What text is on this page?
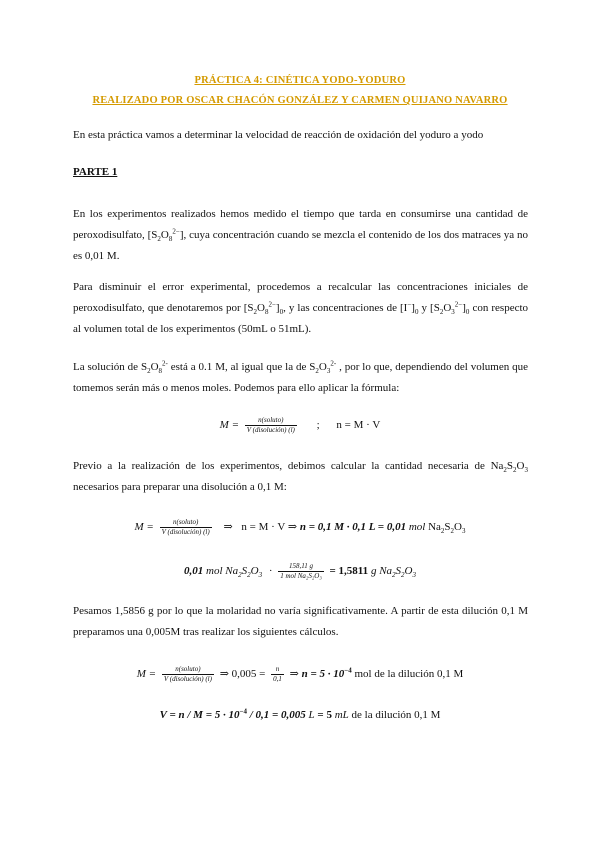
PRÁCTICA 4: CINÉTICA YODO-YODURO
REALIZADO POR OSCAR CHACÓN GONZÁLEZ Y CARMEN QUIJANO NAVARRO
En esta práctica vamos a determinar la velocidad de reacción de oxidación del yoduro a yodo
PARTE 1
En los experimentos realizados hemos medido el tiempo que tarda en consumirse una cantidad de peroxodisulfato, $[S_2O_8^{2-}]$, cuya concentración cuando se mezcla el contenido de los dos matraces ya no es 0,01 M.
Para disminuir el error experimental, procedemos a recalcular las concentraciones iniciales de peroxodisulfato, que denotaremos por $[S_2O_8^{2-}]_0$, y las concentraciones de $[I^-]_0$ y $[S_2O_3^{2-}]_0$ con respecto al volumen total de los experimentos (50mL o 51mL).
La solución de $S_2O_8^{2-}$ está a 0.1 M, al igual que la de $S_2O_3^{2-}$ , por lo que, dependiendo del volumen que tomemos serán más o menos moles. Podemos para ello aplicar la fórmula:
$M = \frac{\text{n(soluto)}}{\text{V (disolución) (l)}}$ ; n = M · V
Previo a la realización de los experimentos, debimos calcular la cantidad necesaria de $Na_2S_2O_3$ necesarios para preparar una disolución a 0,1 M:
$M = \frac{\text{n(soluto)}}{\text{V (disolución) (l)}}$ ⇒ n = M · V ⇒ n = 0,1 M · 0,1 L = 0,01 mol $Na_2S_2O_3$
0,01 mol $Na_2S_2O_3 \cdot \frac{158,11 g}{\text{1 mol Na₂S₂O₃}} = 1,5811$ g $Na_2S_2O_3$
Pesamos 1,5856 g por lo que la molaridad no varía significativamente. A partir de esta dilución 0,1 M preparamos una 0,005M tras realizar los siguientes cálculos.
$M = \frac{\text{n(soluto)}}{\text{V (disolución) (l)}}$ ⇒ $0,005 = \frac{n}{0,1}$ ⇒ $n = 5 \cdot 10^{-4}$ mol de la dilución 0,1 M
$V = n / M = 5 \cdot 10^{-4} / 0,1 = 0,005$ L = 5 mL de la dilución 0,1 M
